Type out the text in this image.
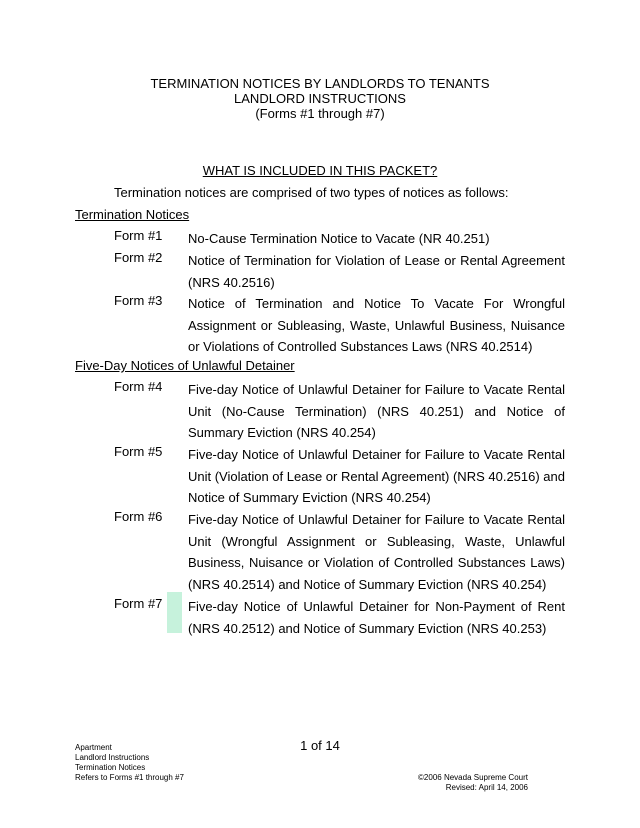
TERMINATION NOTICES BY LANDLORDS TO TENANTS
LANDLORD INSTRUCTIONS
(Forms #1 through #7)
WHAT IS INCLUDED IN THIS PACKET?
Termination notices are comprised of two types of notices as follows:
Termination Notices
Form #1 No-Cause Termination Notice to Vacate (NR 40.251)
Form #2 Notice of Termination for Violation of Lease or Rental Agreement (NRS 40.2516)
Form #3 Notice of Termination and Notice To Vacate For Wrongful Assignment or Subleasing, Waste, Unlawful Business, Nuisance or Violations of Controlled Substances Laws (NRS 40.2514)
Five-Day Notices of Unlawful Detainer
Form #4 Five-day Notice of Unlawful Detainer for Failure to Vacate Rental Unit (No-Cause Termination) (NRS 40.251) and Notice of Summary Eviction (NRS 40.254)
Form #5 Five-day Notice of Unlawful Detainer for Failure to Vacate Rental Unit (Violation of Lease or Rental Agreement) (NRS 40.2516) and Notice of Summary Eviction (NRS 40.254)
Form #6 Five-day Notice of Unlawful Detainer for Failure to Vacate Rental Unit (Wrongful Assignment or Subleasing, Waste, Unlawful Business, Nuisance or Violation of Controlled Substances Laws) (NRS 40.2514) and Notice of Summary Eviction (NRS 40.254)
Form #7 Five-day Notice of Unlawful Detainer for Non-Payment of Rent (NRS 40.2512) and Notice of Summary Eviction (NRS 40.253)
Apartment
Landlord Instructions
Termination Notices
Refers to Forms #1 through #7
1 of 14
©2006 Nevada Supreme Court
Revised: April 14, 2006
